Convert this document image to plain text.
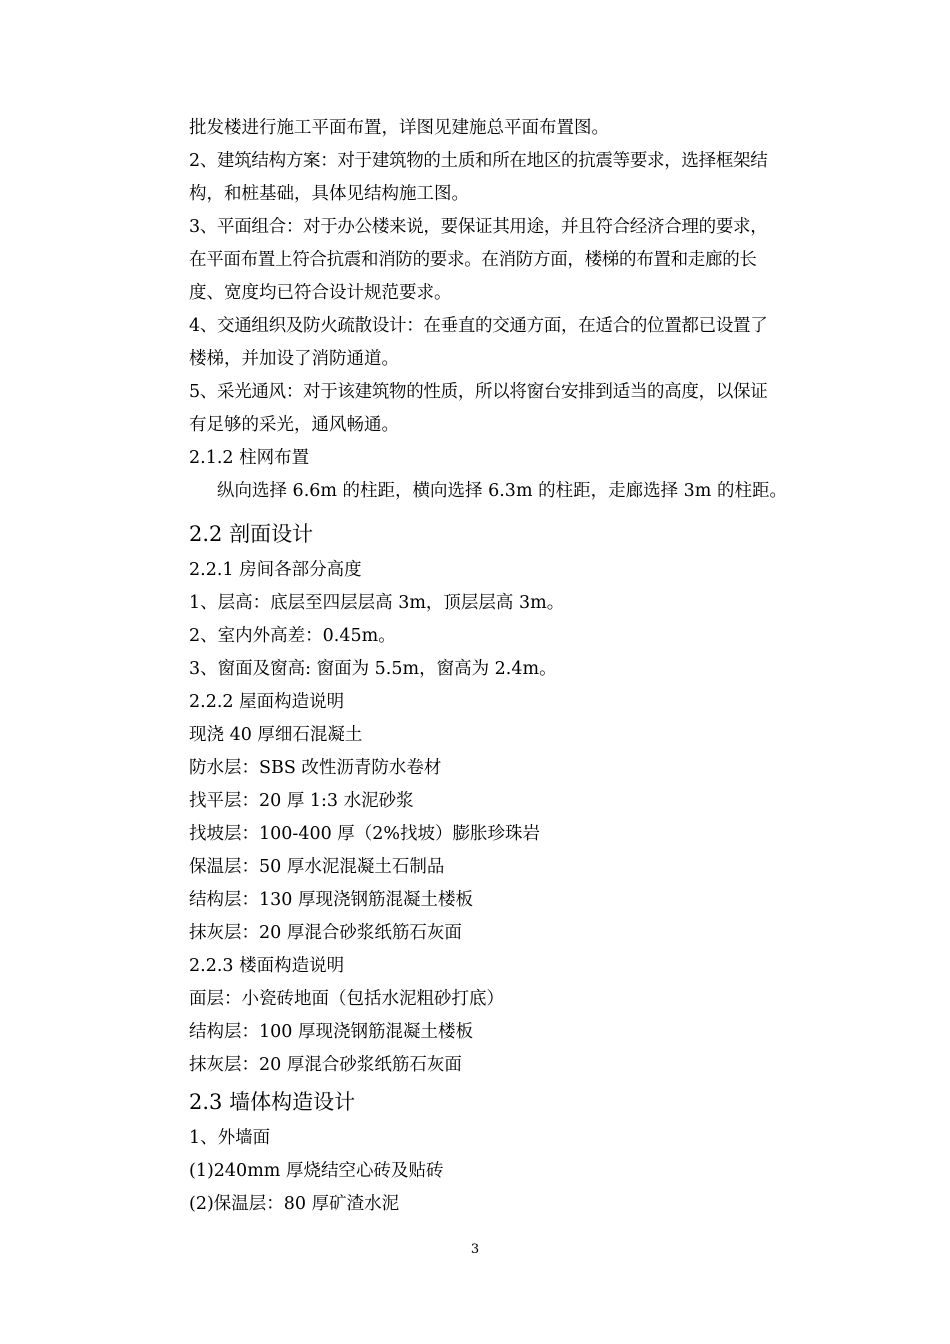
批发楼进行施工平面布置，详图见建施总平面布置图。
2、建筑结构方案：对于建筑物的土质和所在地区的抗震等要求，选择框架结
构，和桩基础，具体见结构施工图。
3、平面组合：对于办公楼来说，要保证其用途，并且符合经济合理的要求，
在平面布置上符合抗震和消防的要求。在消防方面，楼梯的布置和走廊的长
度、宽度均已符合设计规范要求。
4、交通组织及防火疏散设计：在垂直的交通方面，在适合的位置都已设置了
楼梯，并加设了消防通道。
5、采光通风：对于该建筑物的性质，所以将窗台安排到适当的高度，以保证
有足够的采光，通风畅通。
2.1.2 柱网布置
纵向选择 6.6m 的柱距，横向选择 6.3m 的柱距，走廊选择 3m 的柱距。
2.2 剖面设计
2.2.1 房间各部分高度
1、层高：底层至四层层高 3m，顶层层高 3m。
2、室内外高差：0.45m。
3、窗面及窗高: 窗面为 5.5m，窗高为 2.4m。
2.2.2 屋面构造说明
现浇 40 厚细石混凝土
防水层：SBS 改性沥青防水卷材
找平层：20 厚 1:3 水泥砂浆
找坡层：100-400 厚（2%找坡）膨胀珍珠岩
保温层：50 厚水泥混凝土石制品
结构层：130 厚现浇钢筋混凝土楼板
抹灰层：20 厚混合砂浆纸筋石灰面
2.2.3 楼面构造说明
面层：小瓷砖地面（包括水泥粗砂打底）
结构层：100 厚现浇钢筋混凝土楼板
抹灰层：20 厚混合砂浆纸筋石灰面
2.3 墙体构造设计
1、外墙面
(1)240mm 厚烧结空心砖及贴砖
(2)保温层：80 厚矿渣水泥
3
